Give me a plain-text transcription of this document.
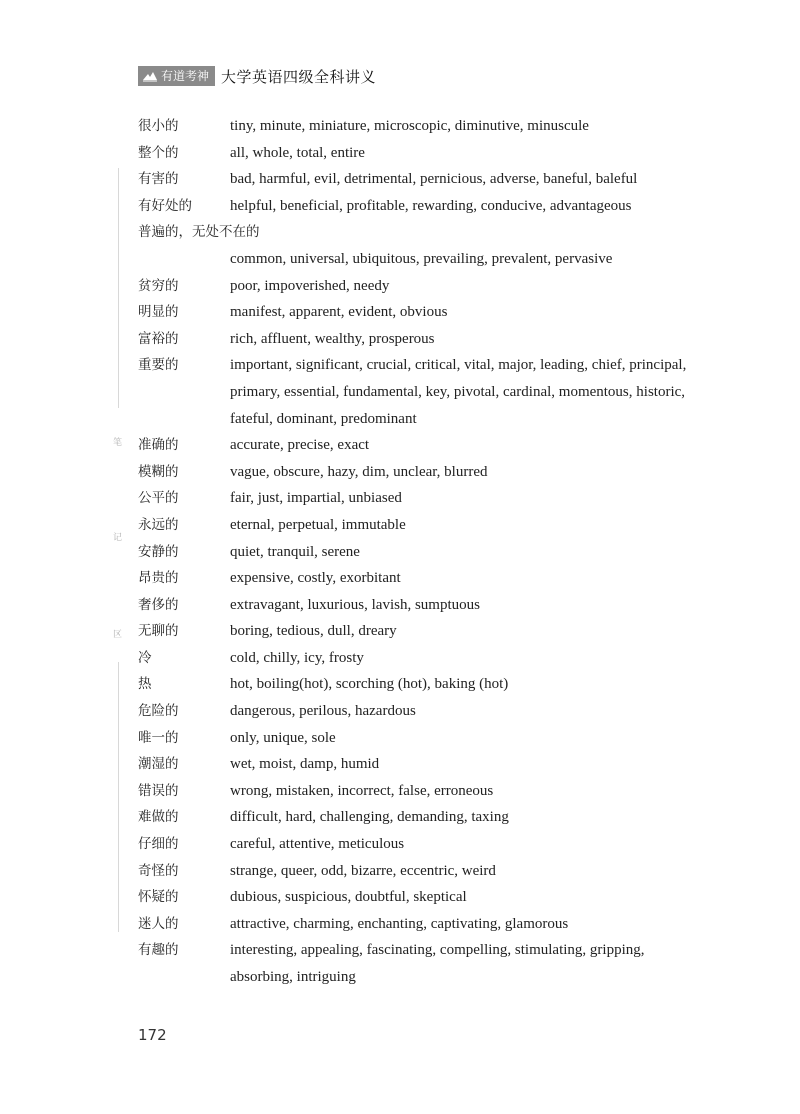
有道考神 大学英语四级全科讲义
笔
记
区
很小的	tiny, minute, miniature, microscopic, diminutive, minuscule
整个的	all, whole, total, entire
有害的	bad, harmful, evil, detrimental, pernicious, adverse, baneful, baleful
有好处的	helpful, beneficial, profitable, rewarding, conducive, advantageous
普遍的，无处不在的
common, universal, ubiquitous, prevailing, prevalent, pervasive
贫穷的	poor, impoverished, needy
明显的	manifest, apparent, evident, obvious
富裕的	rich, affluent, wealthy, prosperous
重要的	important, significant, crucial, critical, vital, major, leading, chief, principal, primary, essential, fundamental, key, pivotal, cardinal, momentous, historic, fateful, dominant, predominant
准确的	accurate, precise, exact
模糊的	vague, obscure, hazy, dim, unclear, blurred
公平的	fair, just, impartial, unbiased
永远的	eternal, perpetual, immutable
安静的	quiet, tranquil, serene
昂贵的	expensive, costly, exorbitant
奢侈的	extravagant, luxurious, lavish, sumptuous
无聊的	boring, tedious, dull, dreary
冷	cold, chilly, icy, frosty
热	hot, boiling(hot), scorching (hot), baking (hot)
危险的	dangerous, perilous, hazardous
唯一的	only, unique, sole
潮湿的	wet, moist, damp, humid
错误的	wrong, mistaken, incorrect, false, erroneous
难做的	difficult, hard, challenging, demanding, taxing
仔细的	careful, attentive, meticulous
奇怪的	strange, queer, odd, bizarre, eccentric, weird
怀疑的	dubious, suspicious, doubtful, skeptical
迷人的	attractive, charming, enchanting, captivating, glamorous
有趣的	interesting, appealing, fascinating, compelling, stimulating, gripping, absorbing, intriguing
172
